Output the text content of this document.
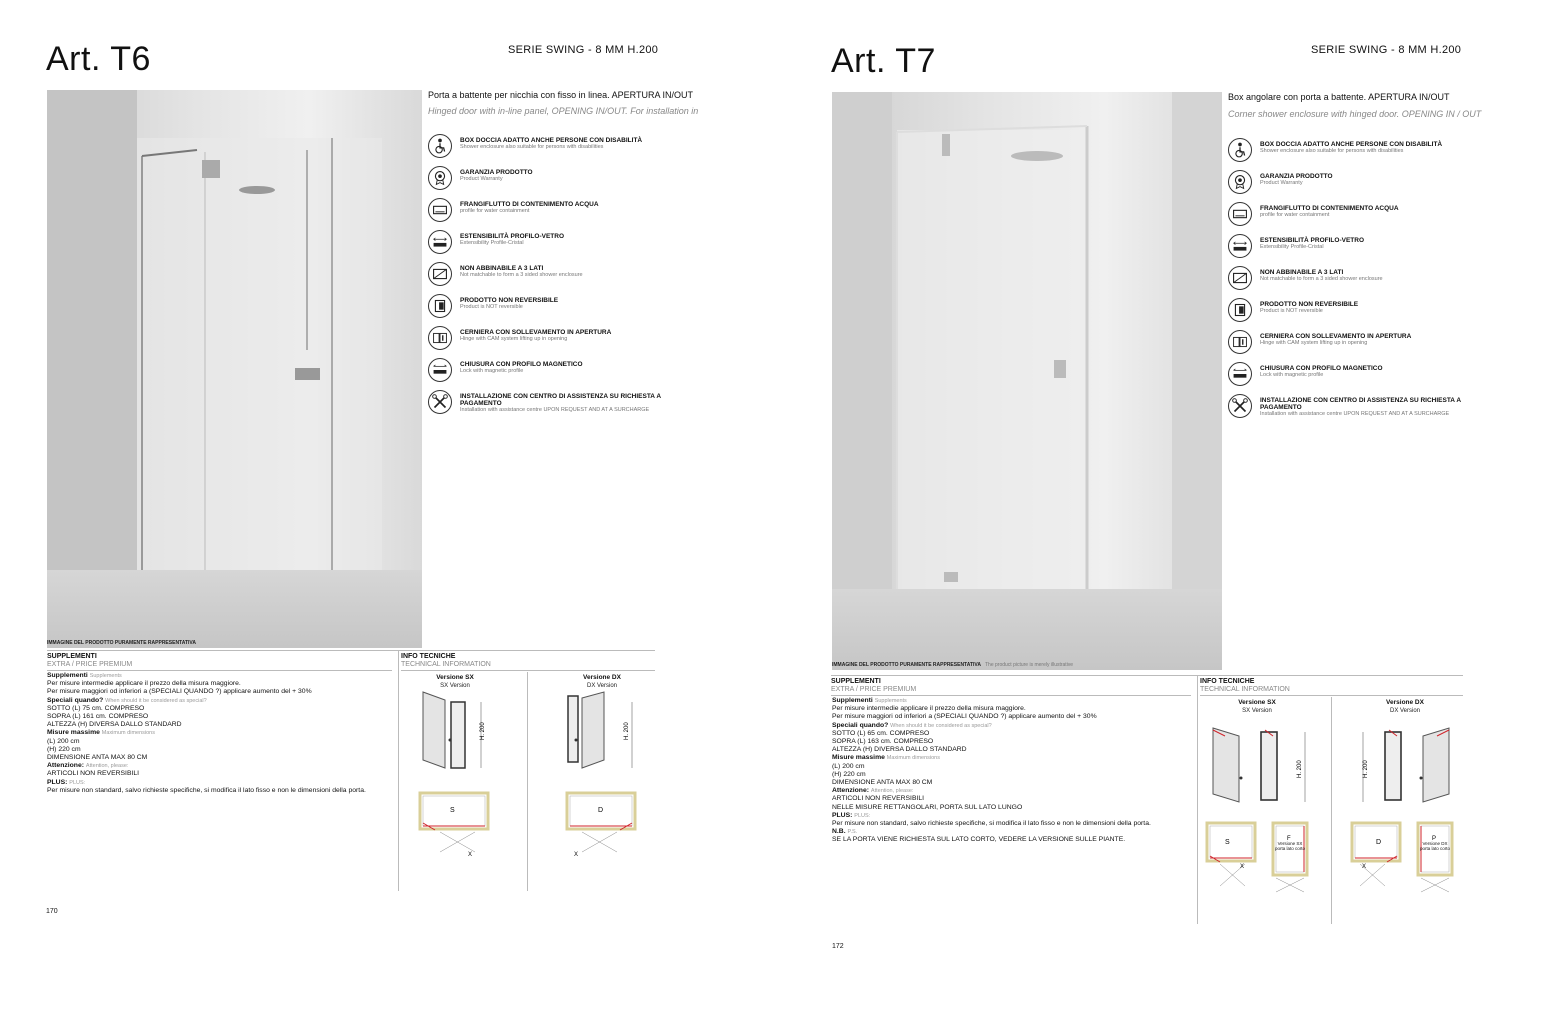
Art. T6	SERIE SWING - 8 MM H.200
IMMAGINE DEL PRODOTTO PURAMENTE RAPPRESENTATIVA
Porta a battente per nicchia con fisso in linea. APERTURA IN/OUT
Hinged door with in-line panel, OPENING IN/OUT. For installation in
BOX DOCCIA ADATTO ANCHE PERSONE CON DISABILITÀ
Shower enclosure also suitable for persons with disabilities
GARANZIA PRODOTTO
Product Warranty
FRANGIFLUTTO DI CONTENIMENTO ACQUA
profile for water containment
ESTENSIBILITÀ PROFILO-VETRO
Extensibility Profile-Cristal
NON ABBINABILE A 3 LATI
Not matchable to form a 3 sided shower enclosure
PRODOTTO NON REVERSIBILE
Product is NOT reversible
CERNIERA CON SOLLEVAMENTO IN APERTURA
Hinge with CAM system lifting up in opening
CHIUSURA CON PROFILO MAGNETICO
Lock with magnetic profile
INSTALLAZIONE CON CENTRO DI ASSISTENZA SU RICHIESTA A PAGAMENTO
Installation with assistance centre UPON REQUEST AND AT A SURCHARGE
SUPPLEMENTI
EXTRA / PRICE PREMIUM
Supplementi Supplements
Per misure intermedie applicare il prezzo della misura maggiore.
Per misure maggiori od inferiori a (SPECIALI QUANDO ?) applicare aumento del + 30%
Speciali quando? When should it be considered as special?
SOTTO (L) 75 cm. COMPRESO
SOPRA (L) 161 cm. COMPRESO
ALTEZZA (H) DIVERSA DALLO STANDARD
Misure massime Maximum dimensions
(L) 200 cm
(H) 220 cm
DIMENSIONE ANTA MAX 80 CM
Attenzione: Attention, please:
ARTICOLI NON REVERSIBILI
PLUS: PLUS:
Per misure non standard, salvo richieste specifiche, si modifica il lato fisso e non le dimensioni della porta.
INFO TECNICHE
TECHNICAL INFORMATION
Versione SX
SX Version
H. 200
S
X
Versione DX
DX Version
H. 200
D
X
170
Art. T7	SERIE SWING - 8 MM H.200
IMMAGINE DEL PRODOTTO PURAMENTE RAPPRESENTATIVA The product picture is merely illustrative
Box angolare con porta a battente. APERTURA IN/OUT
Corner shower enclosure with hinged door. OPENING IN / OUT
BOX DOCCIA ADATTO ANCHE PERSONE CON DISABILITÀ
Shower enclosure also suitable for persons with disabilities
GARANZIA PRODOTTO
Product Warranty
FRANGIFLUTTO DI CONTENIMENTO ACQUA
profile for water containment
ESTENSIBILITÀ PROFILO-VETRO
Extensibility Profile-Cristal
NON ABBINABILE A 3 LATI
Not matchable to form a 3 sided shower enclosure
PRODOTTO NON REVERSIBILE
Product is NOT reversible
CERNIERA CON SOLLEVAMENTO IN APERTURA
Hinge with CAM system lifting up in opening
CHIUSURA CON PROFILO MAGNETICO
Lock with magnetic profile
INSTALLAZIONE CON CENTRO DI ASSISTENZA SU RICHIESTA A PAGAMENTO
Installation with assistance centre UPON REQUEST AND AT A SURCHARGE
SUPPLEMENTI
EXTRA / PRICE PREMIUM
Supplementi Supplements
Per misure intermedie applicare il prezzo della misura maggiore.
Per misure maggiori od inferiori a (SPECIALI QUANDO ?) applicare aumento del + 30%
Speciali quando? When should it be considered as special?
SOTTO (L) 65 cm. COMPRESO
SOPRA (L) 163 cm. COMPRESO
ALTEZZA (H) DIVERSA DALLO STANDARD
Misure massime Maximum dimensions
(L) 200 cm
(H) 220 cm
DIMENSIONE ANTA MAX 80 CM
Attenzione: Attention, please:
ARTICOLI NON REVERSIBILI
NELLE MISURE RETTANGOLARI, PORTA SUL LATO LUNGO
PLUS: PLUS:
Per misure non standard, salvo richieste specifiche, si modifica il lato fisso e non le dimensioni della porta.
N.B. P.S.
SE LA PORTA VIENE RICHIESTA SUL LATO CORTO, VEDERE LA VERSIONE SULLE PIANTE.
INFO TECNICHE
TECHNICAL INFORMATION
Versione SX
SX Version
H. 200
S
X
F
Versione SX porta lato corto
Versione DX
DX Version
H. 200
D
X
P
Versione DX porta lato corto
172
